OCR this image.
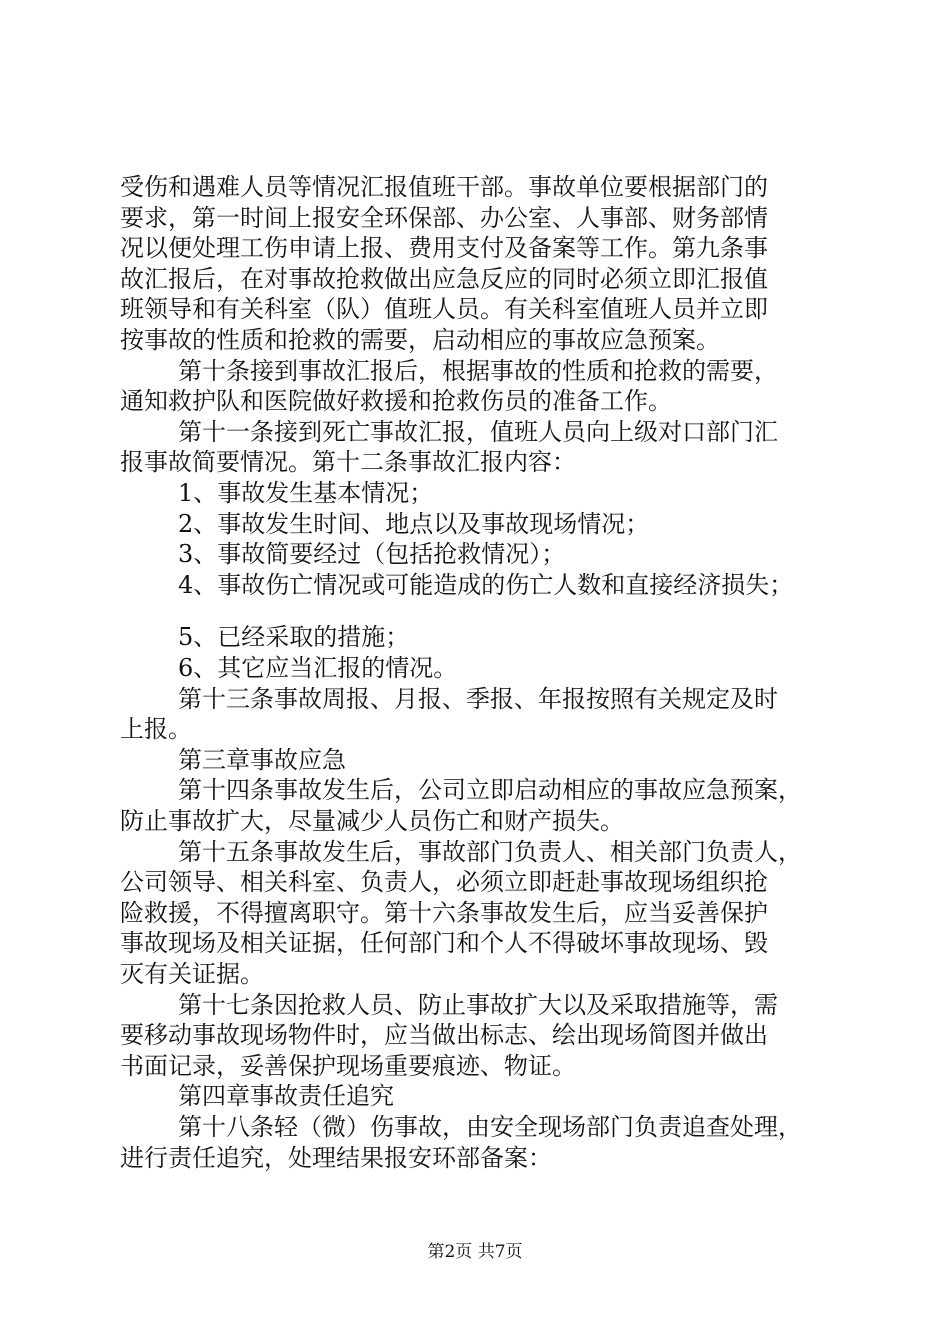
受伤和遇难人员等情况汇报值班干部。事故单位要根据部门的
要求，第一时间上报安全环保部、办公室、人事部、财务部情
况以便处理工伤申请上报、费用支付及备案等工作。第九条事
故汇报后，在对事故抢救做出应急反应的同时必须立即汇报值
班领导和有关科室（队）值班人员。有关科室值班人员并立即
按事故的性质和抢救的需要，启动相应的事故应急预案。
第十条接到事故汇报后，根据事故的性质和抢救的需要，
通知救护队和医院做好救援和抢救伤员的准备工作。
第十一条接到死亡事故汇报，值班人员向上级对口部门汇
报事故简要情况。第十二条事故汇报内容：
1、事故发生基本情况；
2、事故发生时间、地点以及事故现场情况；
3、事故简要经过（包括抢救情况）；
4、事故伤亡情况或可能造成的伤亡人数和直接经济损失；
5、已经采取的措施；
6、其它应当汇报的情况。
第十三条事故周报、月报、季报、年报按照有关规定及时
上报。
第三章事故应急
第十四条事故发生后，公司立即启动相应的事故应急预案，
防止事故扩大，尽量减少人员伤亡和财产损失。
第十五条事故发生后，事故部门负责人、相关部门负责人，
公司领导、相关科室、负责人，必须立即赶赴事故现场组织抢
险救援，不得擅离职守。第十六条事故发生后，应当妥善保护
事故现场及相关证据，任何部门和个人不得破坏事故现场、毁
灭有关证据。
第十七条因抢救人员、防止事故扩大以及采取措施等，需
要移动事故现场物件时，应当做出标志、绘出现场简图并做出
书面记录，妥善保护现场重要痕迹、物证。
第四章事故责任追究
第十八条轻（微）伤事故，由安全现场部门负责追查处理，
进行责任追究，处理结果报安环部备案：
第2页 共7页
